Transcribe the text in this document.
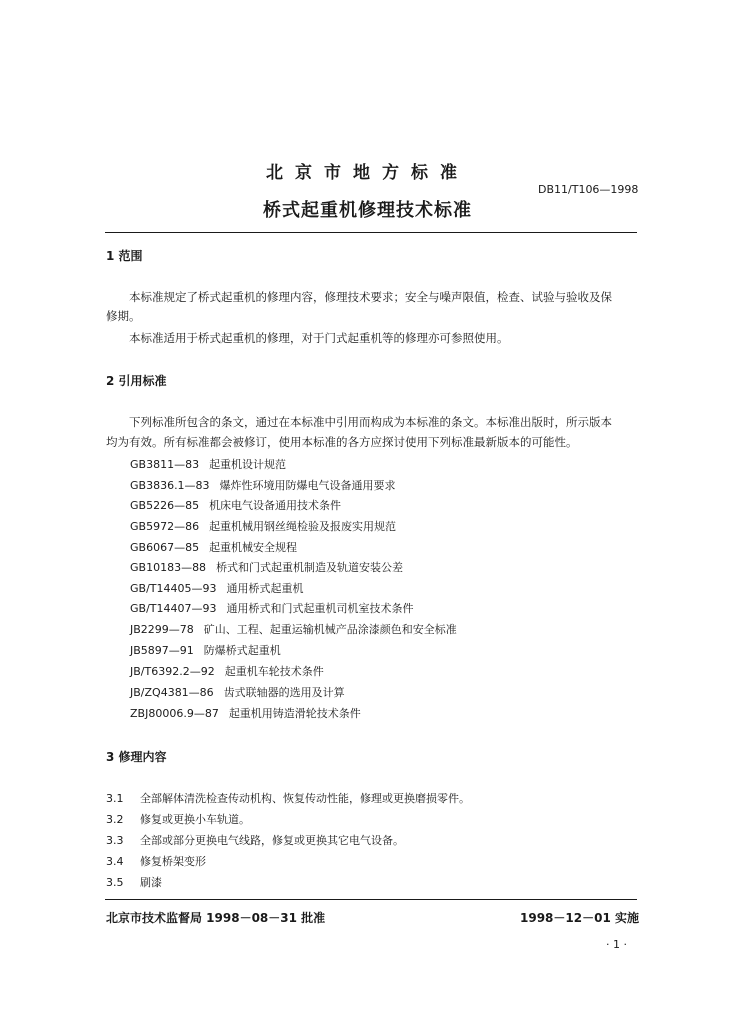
北京市地方标准
DB11/T106—1998
桥式起重机修理技术标准
1 范围
本标准规定了桥式起重机的修理内容，修理技术要求；安全与噪声限值，检查、试验与验收及保
修期。
本标准适用于桥式起重机的修理，对于门式起重机等的修理亦可参照使用。
2 引用标准
下列标准所包含的条文，通过在本标准中引用而构成为本标准的条文。本标准出版时，所示版本
均为有效。所有标准都会被修订，使用本标准的各方应探讨使用下列标准最新版本的可能性。
GB3811—83 起重机设计规范
GB3836.1—83 爆炸性环境用防爆电气设备通用要求
GB5226—85 机床电气设备通用技术条件
GB5972—86 起重机械用钢丝绳检验及报废实用规范
GB6067—85 起重机械安全规程
GB10183—88 桥式和门式起重机制造及轨道安装公差
GB/T14405—93 通用桥式起重机
GB/T14407—93 通用桥式和门式起重机司机室技术条件
JB2299—78 矿山、工程、起重运输机械产品涂漆颜色和安全标准
JB5897—91 防爆桥式起重机
JB/T6392.2—92 起重机车轮技术条件
JB/ZQ4381—86 齿式联轴器的选用及计算
ZBJ80006.9—87 起重机用铸造滑轮技术条件
3 修理内容
3.1 全部解体清洗检查传动机构、恢复传动性能，修理或更换磨损零件。
3.2 修复或更换小车轨道。
3.3 全部或部分更换电气线路，修复或更换其它电气设备。
3.4 修复桥架变形
3.5 刷漆
北京市技术监督局 1998－08－31 批准	1998－12－01 实施
· 1 ·
